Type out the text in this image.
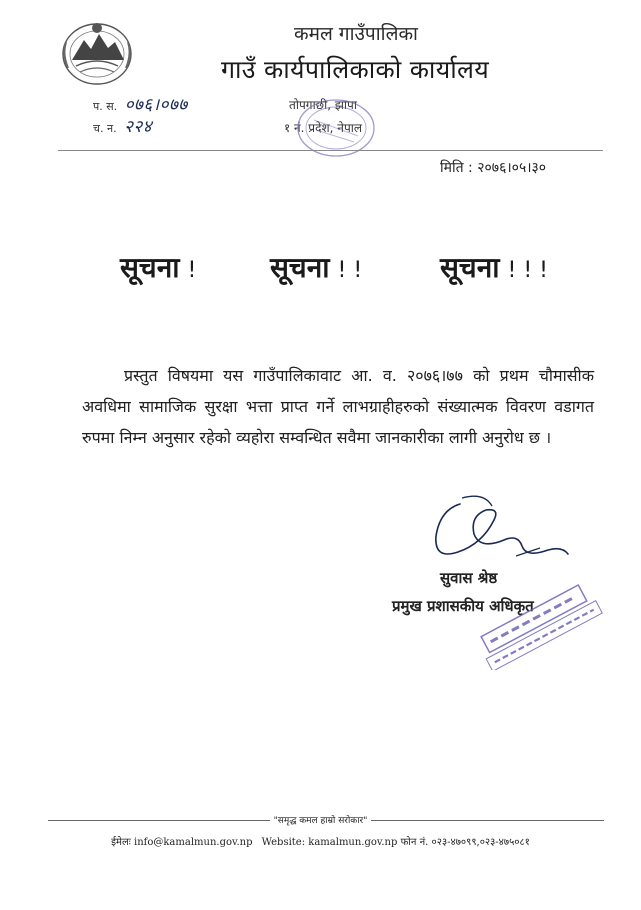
कमल गाउँपालिका
गाउँ कार्यपालिकाको कार्यालय
तोपगाछी, झापा
१ नं. प्रदेश, नेपाल
प. स. ०७६।०७७
च. न. २२४
मिति : २०७६।०५।३०
सूचना !	सूचना ! !	सूचना ! ! !
प्रस्तुत विषयमा यस गाउँपालिकावाट आ. व. २०७६।७७ को प्रथम चौमासीक अवधिमा सामाजिक सुरक्षा भत्ता प्राप्त गर्ने लाभग्राहीहरुको संख्यात्मक विवरण वडागत रुपमा निम्न अनुसार रहेको व्यहोरा सम्वन्धित सवैमा जानकारीका लागी अनुरोध छ ।
सुवास श्रेष्ठ
प्रमुख प्रशासकीय अधिकृत
"समृद्ध कमल हाम्रो सरोकार"
ईमेलः info@kamalmun.gov.np Website: kamalmun.gov.np फोन नं. ०२३-४७०९९,०२३-४७५०८१
